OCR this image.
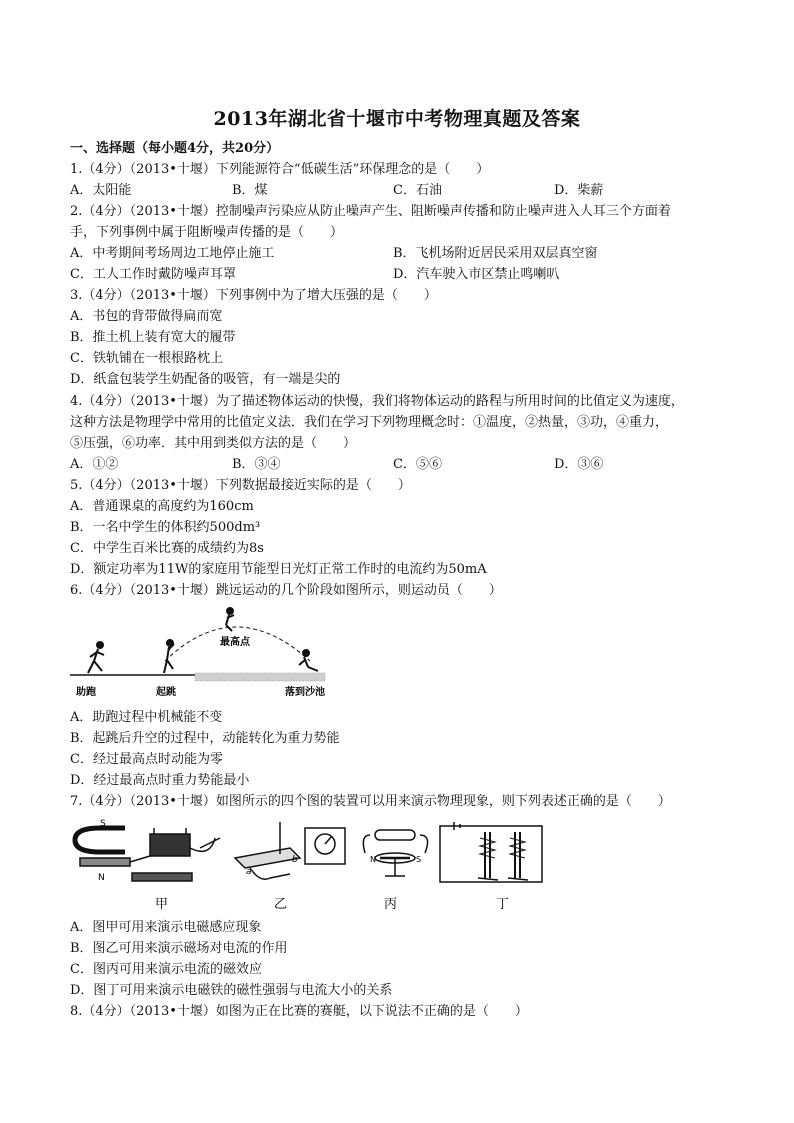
2013年湖北省十堰市中考物理真题及答案
一、选择题（每小题4分，共20分）
1.（4分）（2013•十堰）下列能源符合“低碳生活”环保理念的是（　　）
A．太阳能	B．煤	C．石油	D．柴薪
2.（4分）（2013•十堰）控制噪声污染应从防止噪声产生、阻断噪声传播和防止噪声进入人耳三个方面着
手，下列事例中属于阻断噪声传播的是（　　）
A．中考期间考场周边工地停止施工	B．飞机场附近居民采用双层真空窗
C．工人工作时戴防噪声耳罩	D．汽车驶入市区禁止鸣喇叭
3.（4分）（2013•十堰）下列事例中为了增大压强的是（　　）
A．书包的背带做得扁而宽
B．推土机上装有宽大的履带
C．铁轨铺在一根根路枕上
D．纸盒包装学生奶配备的吸管，有一端是尖的
4.（4分）（2013•十堰）为了描述物体运动的快慢，我们将物体运动的路程与所用时间的比值定义为速度，
这种方法是物理学中常用的比值定义法．我们在学习下列物理概念时：①温度，②热量，③功，④重力，
⑤压强，⑥功率．其中用到类似方法的是（　　）
A．①②	B．③④	C．⑤⑥	D．③⑥
5.（4分）（2013•十堰）下列数据最接近实际的是（　　）
A．普通课桌的高度约为160cm
B．一名中学生的体积约500dm³
C．中学生百米比赛的成绩约为8s
D．额定功率为11W的家庭用节能型日光灯正常工作时的电流约为50mA
6.（4分）（2013•十堰）跳远运动的几个阶段如图所示，则运动员（　　）
助跑	起跳
最高点
落到沙池
A．助跑过程中机械能不变
B．起跳后升空的过程中，动能转化为重力势能
C．经过最高点时动能为零
D．经过最高点时重力势能最小
7.（4分）（2013•十堰）如图所示的四个图的装置可以用来演示物理现象，则下列表述正确的是（　　）
S
N
a
b	N	S
甲	乙	丙	丁
A．图甲可用来演示电磁感应现象
B．图乙可用来演示磁场对电流的作用
C．图丙可用来演示电流的磁效应
D．图丁可用来演示电磁铁的磁性强弱与电流大小的关系
8.（4分）（2013•十堰）如图为正在比赛的赛艇，以下说法不正确的是（　　）
